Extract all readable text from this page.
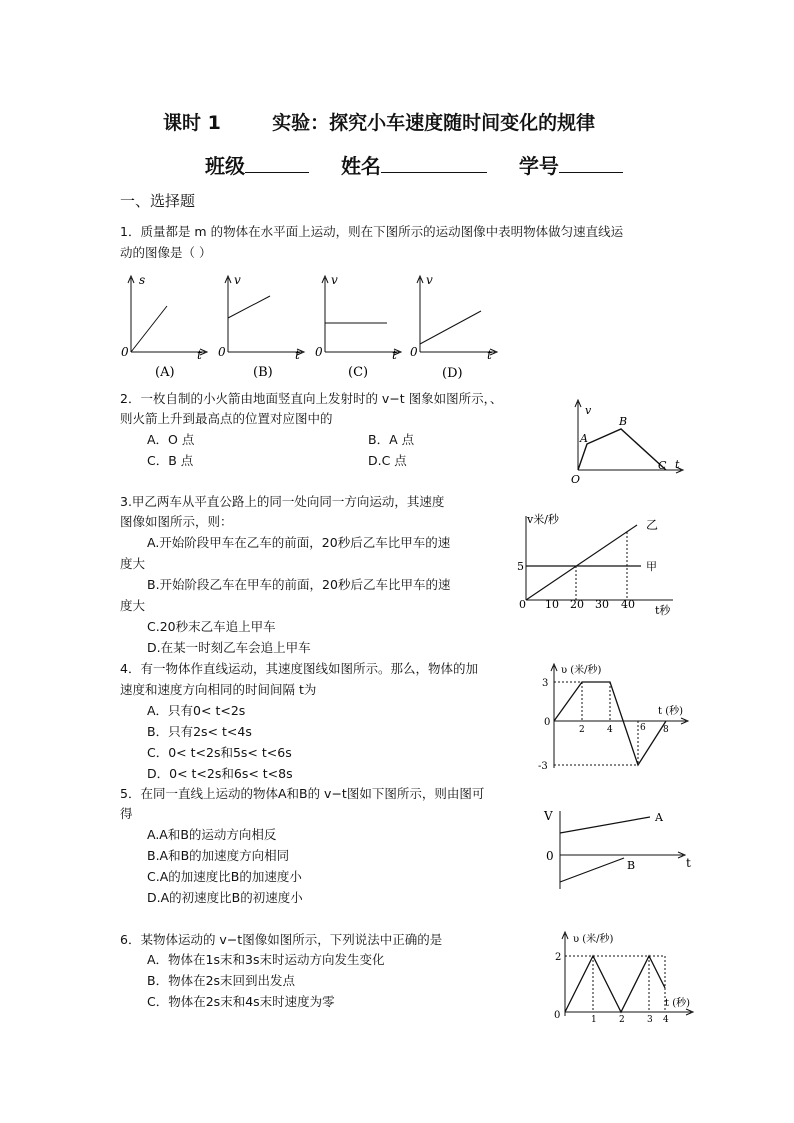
课时 1	实验：探究小车速度随时间变化的规律
班级	姓名	学号
一、选择题
1．质量都是 m 的物体在水平面上运动，则在下图所示的运动图像中表明物体做匀速直线运
动的图像是（ ）
s
t
0
(A)
v
t
0
(B)
v
t
0
(C)
v
t
0
(D)
2．一枚自制的小火箭由地面竖直向上发射时的 v−t 图象如图所示，、
则火箭上升到最高点的位置对应图中的
A．O 点	B．A 点
C．B 点	D.C 点
v
t
O
A
B
C
3.甲乙两车从平直公路上的同一处向同一方向运动，其速度
图像如图所示，则：
A.开始阶段甲车在乙车的前面，20秒后乙车比甲车的速
度大
B.开始阶段乙车在甲车的前面，20秒后乙车比甲车的速
度大
C.20秒末乙车追上甲车
D.在某一时刻乙车会追上甲车
v米/秒	乙
甲
5
0 10 20 30 40 t秒
4．有一物体作直线运动，其速度图线如图所示。那么，物体的加
速度和速度方向相同的时间间隔 t为
A．只有0< t<2s
B．只有2s< t<4s
C．0< t<2s和5s< t<6s
D．0< t<2s和6s< t<8s
υ (米/秒)
3
-3
0
2 4	6 8
t (秒)
5．在同一直线上运动的物体A和B的 v−t图如下图所示，则由图可
得
A.A和B的运动方向相反
B.A和B的加速度方向相同
C.A的加速度比B的加速度小
D.A的初速度比B的初速度小
V
0	t
A
B
6．某物体运动的 v−t图像如图所示，下列说法中正确的是
A．物体在1s末和3s末时运动方向发生变化
B．物体在2s末回到出发点
C．物体在2s末和4s末时速度为零
υ (米/秒)
2
0	1 2 3 4
t (秒)
